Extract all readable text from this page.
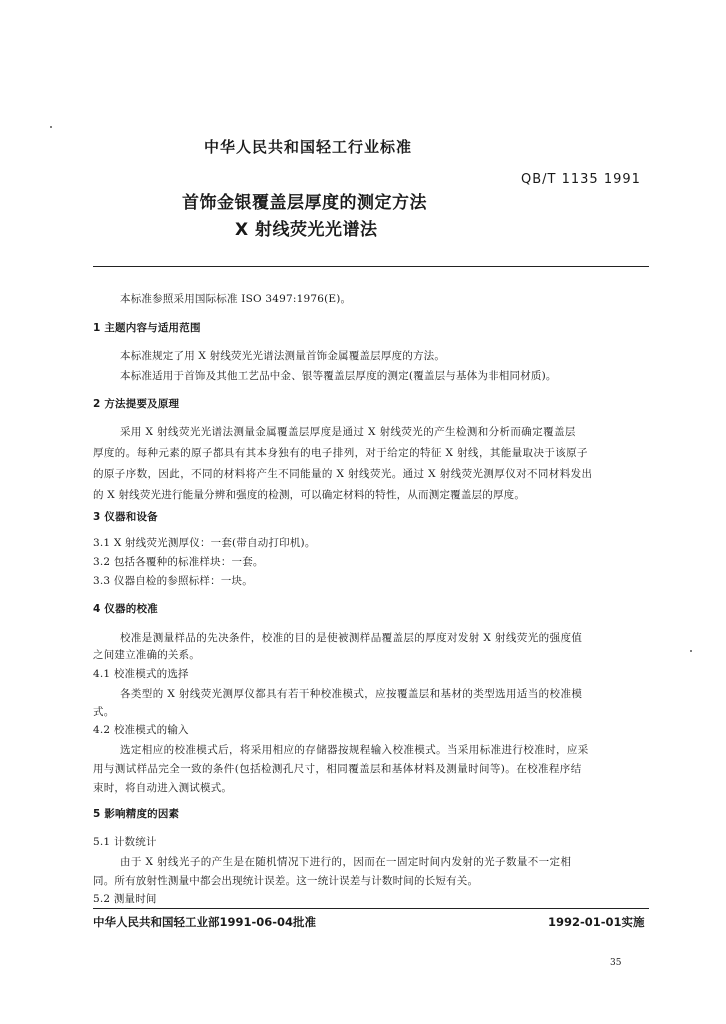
中华人民共和国轻工行业标准
QB/T 1135 1991
首饰金银覆盖层厚度的测定方法
X 射线荧光光谱法
本标准参照采用国际标准 ISO 3497:1976(E)。
1 主题内容与适用范围
本标准规定了用 X 射线荧光光谱法测量首饰金属覆盖层厚度的方法。
本标准适用于首饰及其他工艺品中金、银等覆盖层厚度的测定(覆盖层与基体为非相同材质)。
2 方法提要及原理
采用 X 射线荧光光谱法测量金属覆盖层厚度是通过 X 射线荧光的产生检测和分析而确定覆盖层
厚度的。每种元素的原子都具有其本身独有的电子排列，对于给定的特征 X 射线，其能量取决于该原子
的原子序数，因此，不同的材料将产生不同能量的 X 射线荧光。通过 X 射线荧光测厚仪对不同材料发出
的 X 射线荧光进行能量分辨和强度的检测，可以确定材料的特性，从而测定覆盖层的厚度。
3 仪器和设备
3.1 X 射线荧光测厚仪：一套(带自动打印机)。
3.2 包括各覆种的标准样块：一套。
3.3 仪器自检的参照标样：一块。
4 仪器的校准
校准是测量样品的先决条件，校准的目的是使被测样品覆盖层的厚度对发射 X 射线荧光的强度值
之间建立准确的关系。
4.1 校准模式的选择
各类型的 X 射线荧光测厚仪都具有若干种校准模式，应按覆盖层和基材的类型选用适当的校准模
式。
4.2 校准模式的输入
选定相应的校准模式后，将采用相应的存储器按规程输入校准模式。当采用标准进行校准时，应采
用与测试样品完全一致的条件(包括检测孔尺寸，相同覆盖层和基体材料及测量时间等)。在校准程序结
束时，将自动进入测试模式。
5 影响精度的因素
5.1 计数统计
由于 X 射线光子的产生是在随机情况下进行的，因而在一固定时间内发射的光子数量不一定相
同。所有放射性测量中都会出现统计误差。这一统计误差与计数时间的长短有关。
5.2 测量时间
中华人民共和国轻工业部1991-06-04批准	1992-01-01实施
35
